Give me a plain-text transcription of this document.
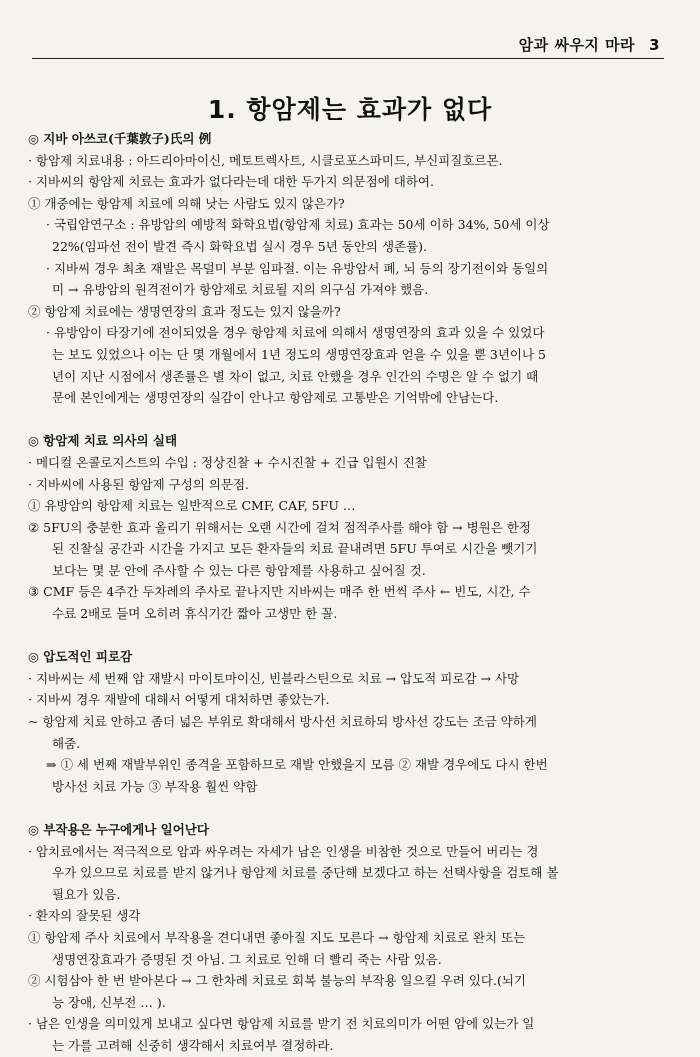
암과 싸우지 마라 3
1. 항암제는 효과가 없다
◎ 지바 아쓰코(千葉敦子)氏의 例
· 항암제 치료내용 : 아드리아마이신, 메토트렉사트, 시클로포스파미드, 부신피질호르몬.
· 지바씨의 항암제 치료는 효과가 없다라는데 대한 두가지 의문점에 대하여.
① 개중에는 항암제 치료에 의해 낫는 사람도 있지 않은가?
· 국립암연구소 : 유방암의 예방적 화학요법(항암제 치료) 효과는 50세 이하 34%, 50세 이상
22%(임파선 전이 발견 즉시 화학요법 실시 경우 5년 동안의 생존률).
· 지바씨 경우 최초 재발은 목덜미 부분 임파절. 이는 유방암서 폐, 뇌 등의 장기전이와 동일의
미 → 유방암의 원격전이가 항암제로 치료될 지의 의구심 가져야 했음.
② 항암제 치료에는 생명연장의 효과 정도는 있지 않을까?
· 유방암이 타장기에 전이되었을 경우 항암제 치료에 의해서 생명연장의 효과 있을 수 있었다
는 보도 있었으나 이는 단 몇 개월에서 1년 정도의 생명연장효과 얻을 수 있을 뿐 3년이나 5
년이 지난 시점에서 생존률은 별 차이 없고, 치료 안했을 경우 인간의 수명은 알 수 없기 때
문에 본인에게는 생명연장의 실감이 안나고 항암제로 고통받은 기억밖에 안남는다.
◎ 항암제 치료 의사의 실태
· 메디컬 온콜로지스트의 수입 : 정상진찰 + 수시진찰 + 긴급 입원시 진찰
· 지바씨에 사용된 항암제 구성의 의문점.
① 유방암의 항암제 치료는 일반적으로 CMF, CAF, 5FU …
② 5FU의 충분한 효과 올리기 위해서는 오랜 시간에 걸쳐 점적주사를 해야 함 → 병원은 한정
된 진찰실 공간과 시간을 가지고 모든 환자들의 치료 끝내려면 5FU 투여로 시간을 뺏기기
보다는 몇 분 안에 주사할 수 있는 다른 항암제를 사용하고 싶어질 것.
③ CMF 등은 4주간 두차례의 주사로 끝나지만 지바씨는 매주 한 번씩 주사 ← 빈도, 시간, 수
수료 2배로 들며 오히려 휴식기간 짧아 고생만 한 꼴.
◎ 압도적인 피로감
· 지바씨는 세 번째 암 재발시 마이토마이신, 빈블라스틴으로 치료 → 압도적 피로감 → 사망
· 지바씨 경우 재발에 대해서 어떻게 대처하면 좋았는가.
~ 항암제 치료 안하고 좀더 넓은 부위로 확대해서 방사선 치료하되 방사선 강도는 조금 약하게
해줌.
⇒ ① 세 번째 재발부위인 종격을 포함하므로 재발 안했을지 모름 ② 재발 경우에도 다시 한번
방사선 치료 가능 ③ 부작용 훨씬 약함
◎ 부작용은 누구에게나 일어난다
· 암치료에서는 적극적으로 암과 싸우려는 자세가 남은 인생을 비참한 것으로 만들어 버리는 경
우가 있으므로 치료를 받지 않거나 항암제 치료를 중단해 보겠다고 하는 선택사항을 검토해 볼
필요가 있음.
· 환자의 잘못된 생각
① 항암제 주사 치료에서 부작용을 견디내면 좋아질 지도 모른다 → 항암제 치료로 완치 또는
생명연장효과가 증명된 것 아님. 그 치료로 인해 더 빨리 죽는 사람 있음.
② 시험삼아 한 번 받아본다 → 그 한차례 치료로 회복 불능의 부작용 일으킬 우려 있다.(뇌기
능 장애, 신부전 … ).
· 남은 인생을 의미있게 보내고 싶다면 항암제 치료를 받기 전 치료의미가 어떤 암에 있는가 일
는 가를 고려해 신중히 생각해서 치료여부 결정하라.
